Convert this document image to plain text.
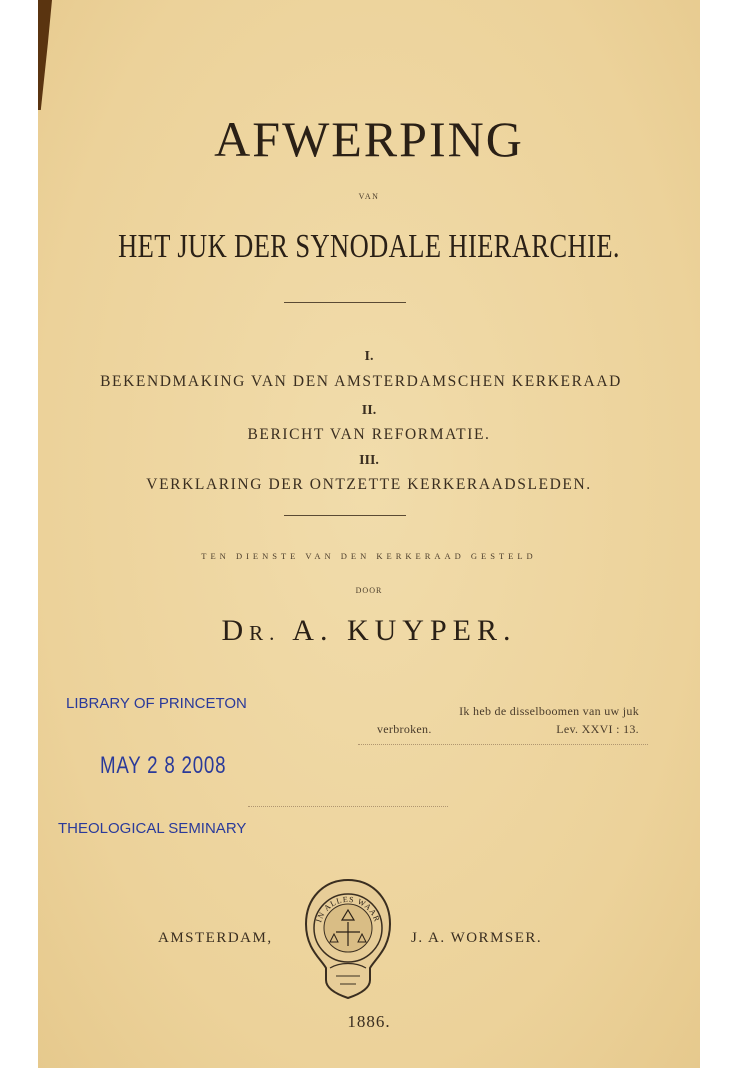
AFWERPING
VAN
HET JUK DER SYNODALE HIERARCHIE.
I.
BEKENDMAKING VAN DEN AMSTERDAMSCHEN KERKERAAD
II.
BERICHT VAN REFORMATIE.
III.
VERKLARING DER ONTZETTE KERKERAADSLEDEN.
TEN DIENSTE VAN DEN KERKERAAD GESTELD
DOOR
DR. A. KUYPER.
LIBRARY OF PRINCETON
MAY 2 8 2008
THEOLOGICAL SEMINARY
Ik heb de disselboomen van uw juk
verbroken.	Lev. XXVI : 13.
AMSTERDAM,
IN ALLES WAAR
J. A. WORMSER.
1886.
